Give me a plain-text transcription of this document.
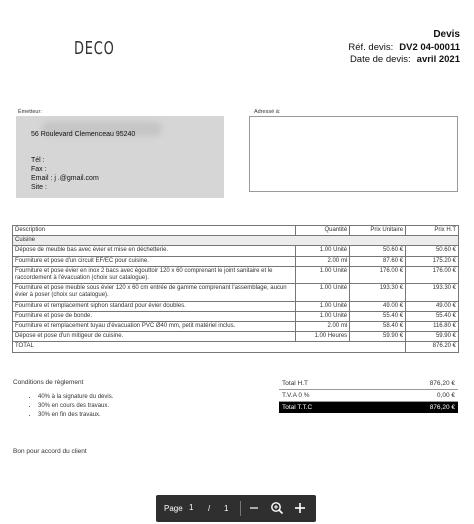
DECO
Devis
Réf. devis: DV2 04-00011
Date de devis: avril 2021
Émetteur:
56 Roulevard Clemenceau 95240
Tél :
Fax :
Email : j .@gmail.com
Site :
Adressé à:
Description	Quantité	Prix Unitaire	Prix H.T
Cuisine			
Dépose de meuble bas avec évier et mise en déchetterie.	1.00 Unité	50.60 €	50.60 €
Fourniture et pose d'un circuit EF/EC pour cuisine.	2.00 ml	87.60 €	175.20 €
Fourniture et pose évier en inox 2 bacs avec égouttoir 120 x 60 comprenant le joint sanitaire et le raccordement à l'évacuation (choix sur catalogue).	1.00 Unité	176.00 €	176.00 €
Fourniture et pose meuble sous évier 120 x 60 cm entrée de gamme comprenant l'assemblage, aucun évier à poser (choix sur catalogue).	1.00 Unité	193.30 €	193.30 €
Fourniture et remplacement siphon standard pour évier doubles.	1.00 Unité	49.00 €	49.00 €
Fourniture et pose de bonde.	1.00 Unité	55.40 €	55.40 €
Fourniture et remplacement tuyau d'évacuation PVC Ø40 mm, petit matériel inclus.	2.00 ml	58.40 €	116.80 €
Dépose et pose d'un mitigeur de cuisine.	1.00 Heures	59.90 €	59.90 €
TOTAL			876.20 €
Conditions de règlement
• 40% à la signature du devis.
• 30% en cours des travaux.
• 30% en fin des travaux.
Bon pour accord du client
Total H.T	876,20 €
T.V.A 0 %	0,00 €
Total T.T.C	876,20 €
Page 1 / 1
